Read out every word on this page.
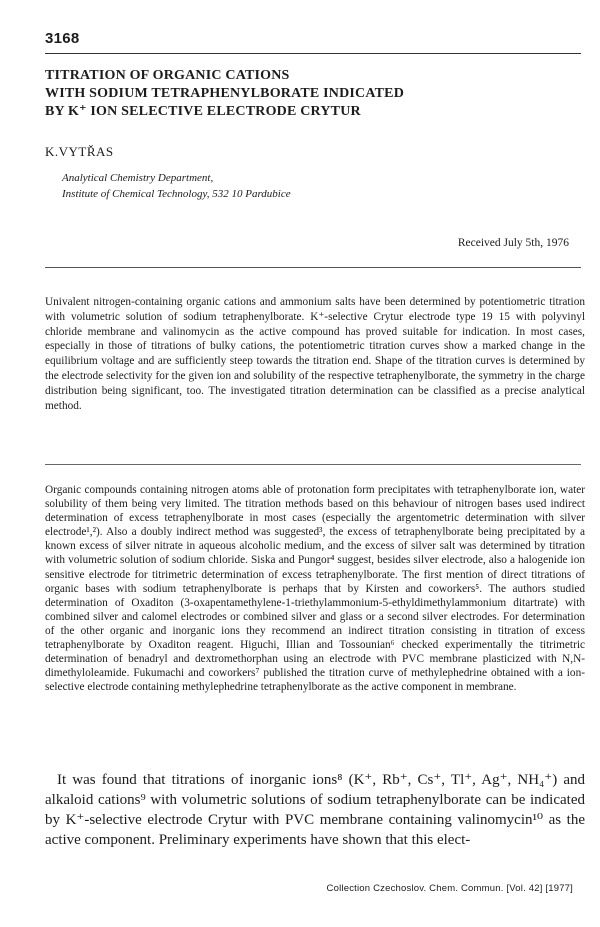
3168
TITRATION OF ORGANIC CATIONS
WITH SODIUM TETRAPHENYLBORATE INDICATED
BY K⁺ ION SELECTIVE ELECTRODE CRYTUR
K.VYTŘAS
Analytical Chemistry Department,
Institute of Chemical Technology, 532 10 Pardubice
Received July 5th, 1976
Univalent nitrogen-containing organic cations and ammonium salts have been determined by potentiometric titration with volumetric solution of sodium tetraphenylborate. K⁺-selective Crytur electrode type 19 15 with polyvinyl chloride membrane and valinomycin as the active compound has proved suitable for indication. In most cases, especially in those of titrations of bulky cations, the potentiometric titration curves show a marked change in the equilibrium voltage and are sufficiently steep towards the titration end. Shape of the titration curves is determined by the electrode selectivity for the given ion and solubility of the respective tetraphenylborate, the symmetry in the charge distribution being significant, too. The investigated titration determination can be classified as a precise analytical method.
Organic compounds containing nitrogen atoms able of protonation form precipitates with tetraphenylborate ion, water solubility of them being very limited. The titration methods based on this behaviour of nitrogen bases used indirect determination of excess tetraphenylborate in most cases (especially the argentometric determination with silver electrode¹,²). Also a doubly indirect method was suggested³, the excess of tetraphenylborate being precipitated by a known excess of silver nitrate in aqueous alcoholic medium, and the excess of silver salt was determined by titration with volumetric solution of sodium chloride. Siska and Pungor⁴ suggest, besides silver electrode, also a halogenide ion sensitive electrode for titrimetric determination of excess tetraphenylborate. The first mention of direct titrations of organic bases with sodium tetraphenylborate is perhaps that by Kirsten and coworkers⁵. The authors studied determination of Oxaditon (3-oxapentamethylene-1-triethylammonium-5-ethyldimethylammonium ditartrate) with combined silver and calomel electrodes or combined silver and glass or a second silver electrodes. For determination of the other organic and inorganic ions they recommend an indirect titration consisting in titration of excess tetraphenylborate by Oxaditon reagent. Higuchi, Illian and Tossounian⁶ checked experimentally the titrimetric determination of benadryl and dextromethorphan using an electrode with PVC membrane plasticized with N,N-dimethyloleamide. Fukumachi and coworkers⁷ published the titration curve of methylephedrine obtained with a ion-selective electrode containing methylephedrine tetraphenylborate as the active component in membrane.
It was found that titrations of inorganic ions⁸ (K⁺, Rb⁺, Cs⁺, Tl⁺, Ag⁺, NH₄⁺) and alkaloid cations⁹ with volumetric solutions of sodium tetraphenylborate can be indicated by K⁺-selective electrode Crytur with PVC membrane containing valinomycin¹⁰ as the active component. Preliminary experiments have shown that this elect-
Collection Czechoslov. Chem. Commun. [Vol. 42] [1977]
